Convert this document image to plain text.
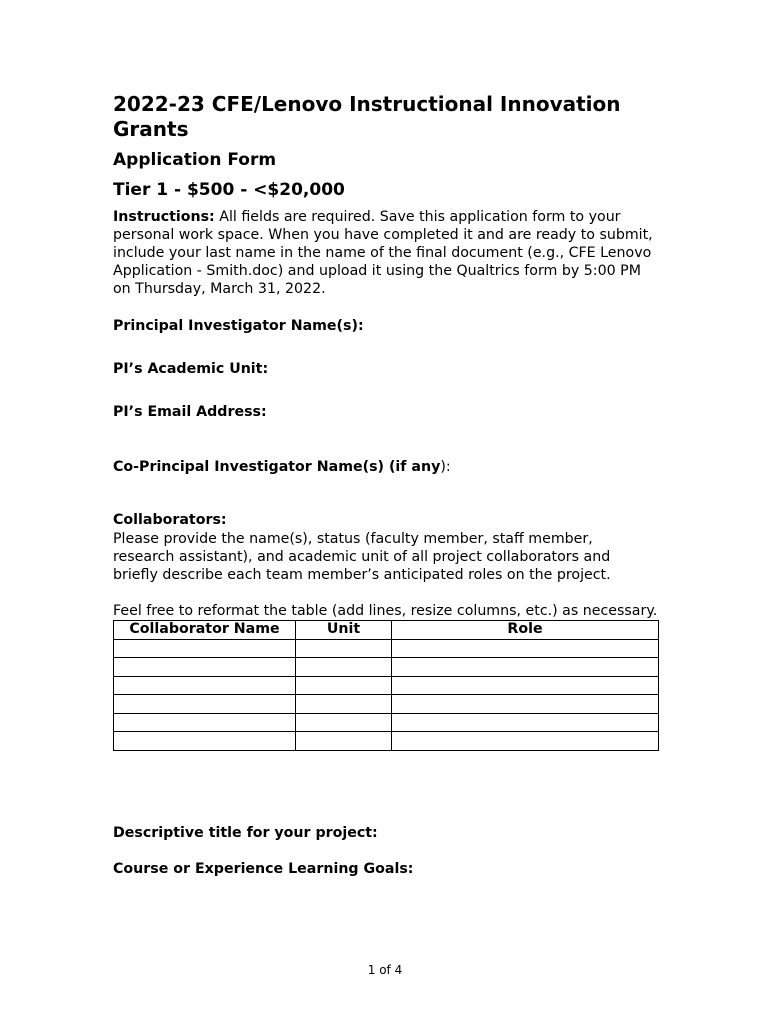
2022-23 CFE/Lenovo Instructional Innovation Grants
Application Form
Tier 1 - $500 - <$20,000

Instructions: All fields are required. Save this application form to your personal work space. When you have completed it and are ready to submit, include your last name in the name of the final document (e.g., CFE Lenovo Application - Smith.doc) and upload it using the Qualtrics form by 5:00 PM on Thursday, March 31, 2022.

Principal Investigator Name(s):

PI’s Academic Unit:

PI’s Email Address:

Co-Principal Investigator Name(s) (if any):

Collaborators:

Please provide the name(s), status (faculty member, staff member, research assistant), and academic unit of all project collaborators and briefly describe each team member’s anticipated roles on the project.

Feel free to reformat the table (add lines, resize columns, etc.) as necessary.

Collaborator Name	Unit	Role

Descriptive title for your project:

Course or Experience Learning Goals:

1 of 4
